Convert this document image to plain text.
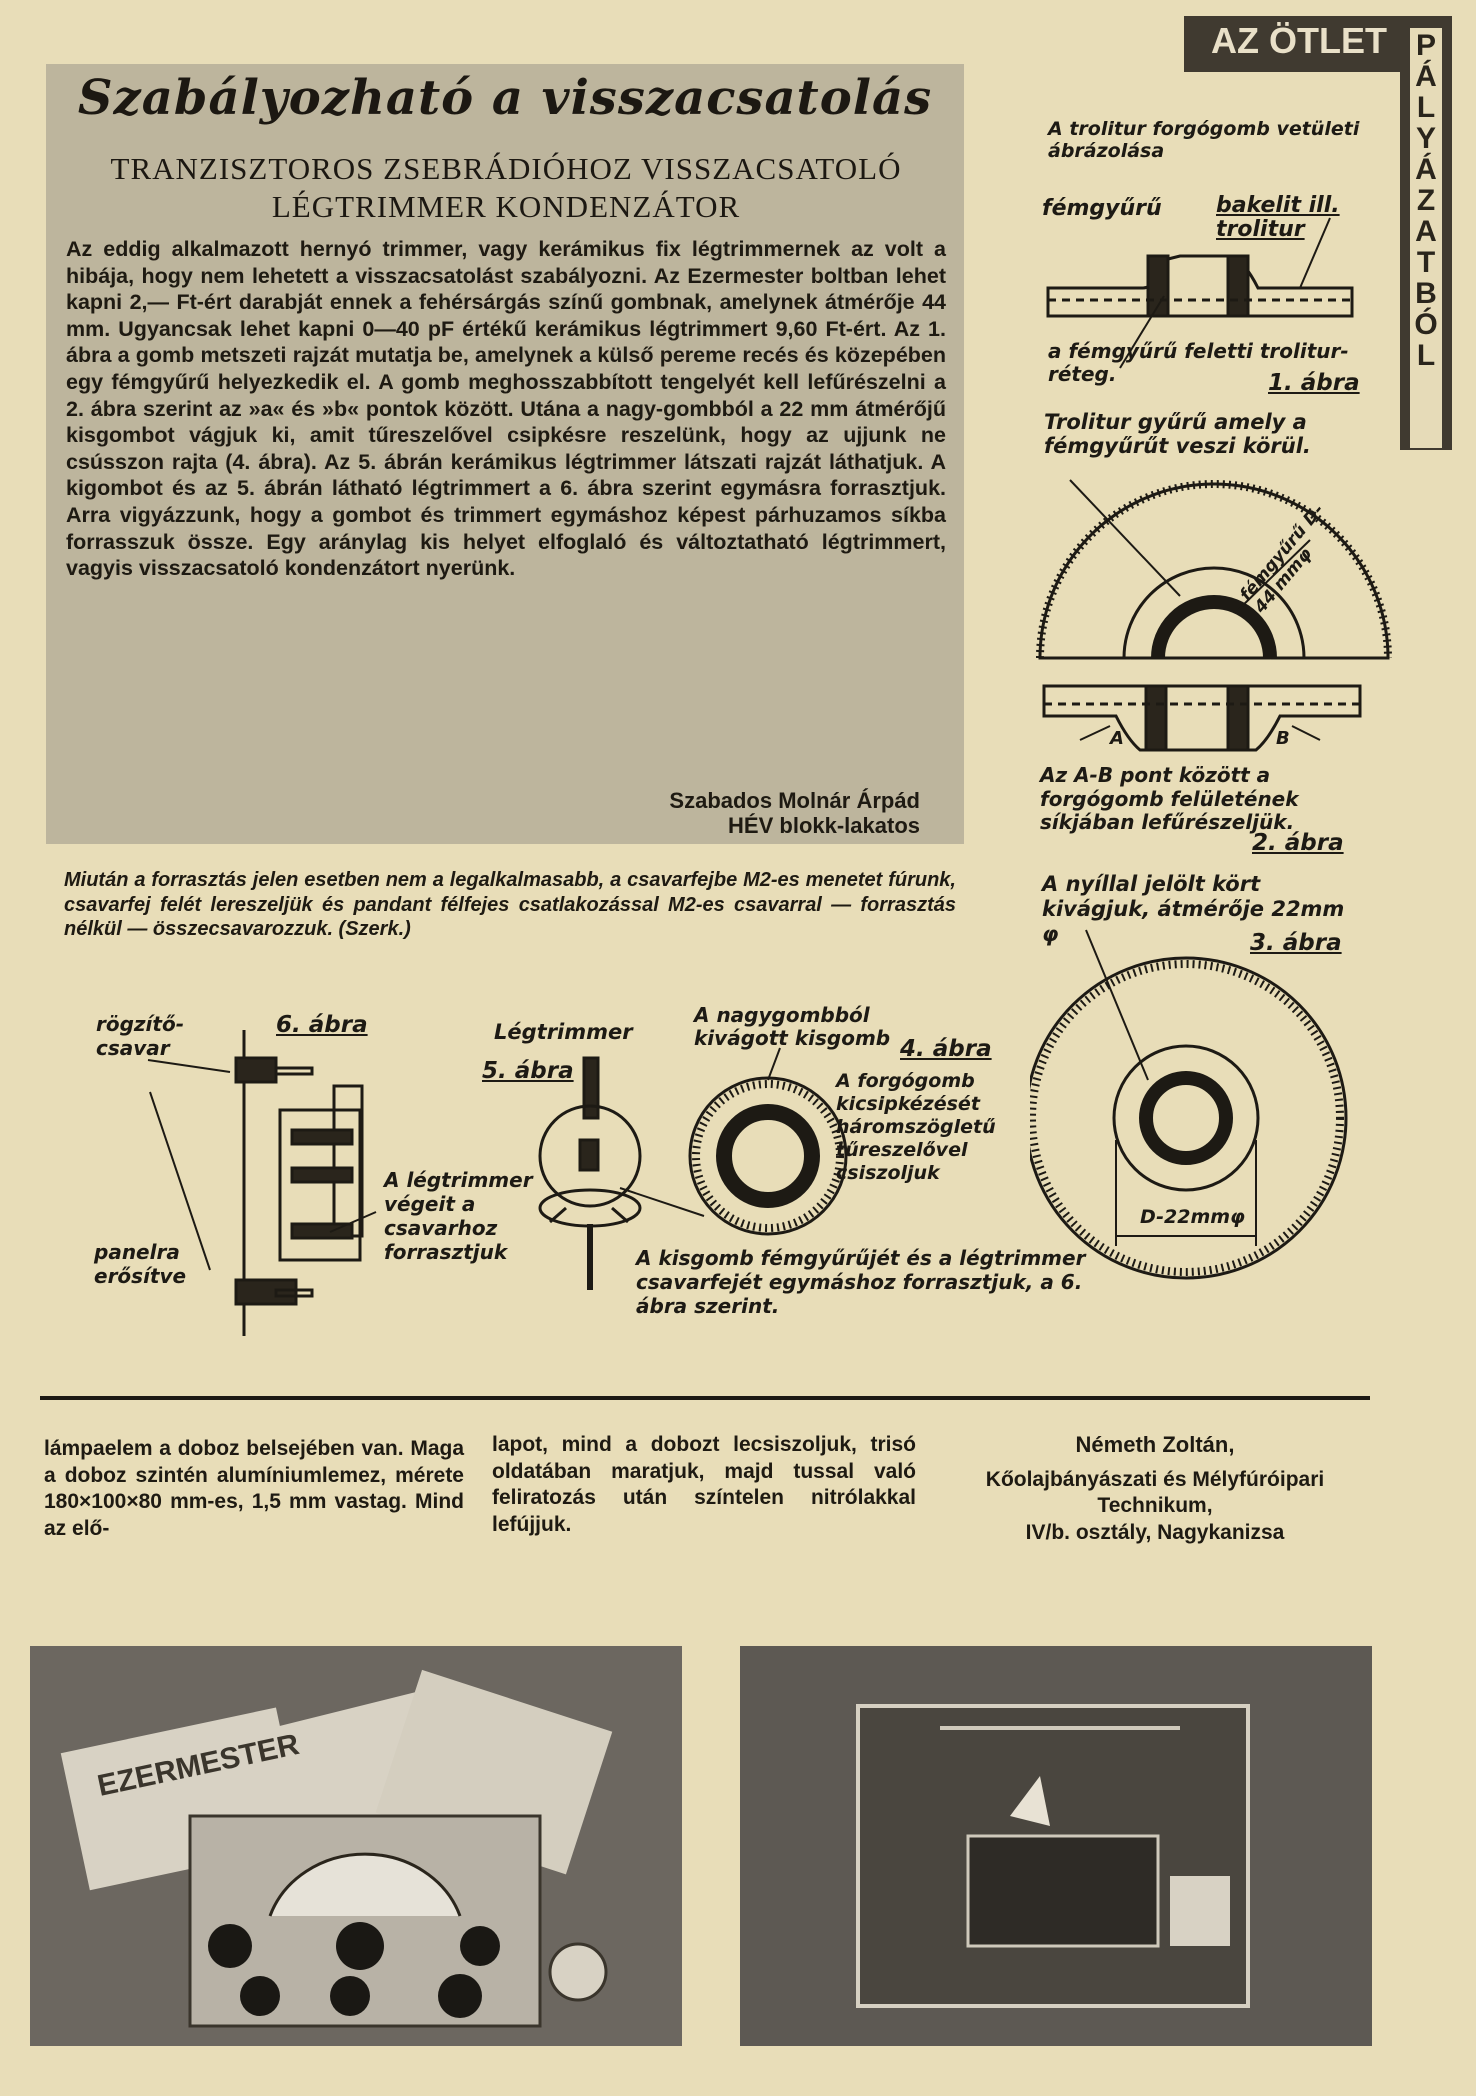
AZ ÖTLET P
Á
L
Y
Á
Z
A
T
B
Ó
L
Szabályozható a visszacsatolás
TRANZISZTOROS ZSEBRÁDIÓHOZ VISSZACSATOLÓ LÉGTRIMMER KONDENZÁTOR
Az eddig alkalmazott hernyó trimmer, vagy kerámikus fix légtrimmernek az volt a hibája, hogy nem lehetett a visszacsatolást szabályozni. Az Ezermester boltban lehet kapni 2,— Ft-ért darabját ennek a fehérsárgás színű gombnak, amelynek átmérője 44 mm. Ugyancsak lehet kapni 0—40 pF értékű kerámikus légtrimmert 9,60 Ft-ért. Az 1. ábra a gomb metszeti rajzát mutatja be, amelynek a külső pereme recés és közepében egy fémgyűrű helyezkedik el. A gomb meghosszabbított tengelyét kell lefűrészelni a 2. ábra szerint az »a« és »b« pontok között. Utána a nagy-gombból a 22 mm átmérőjű kisgombot vágjuk ki, amit tűreszelővel csipkésre reszelünk, hogy az ujjunk ne csússzon rajta (4. ábra). Az 5. ábrán kerámikus légtrimmer látszati rajzát láthatjuk. A kigombot és az 5. ábrán látható légtrimmert a 6. ábra szerint egymásra forrasztjuk. Arra vigyázzunk, hogy a gombot és trimmert egymáshoz képest párhuzamos síkba forrasszuk össze. Egy aránylag kis helyet elfoglaló és változtatható légtrimmert, vagyis visszacsatoló kondenzátort nyerünk.
Szabados Molnár Árpád
HÉV blokk-lakatos
Miután a forrasztás jelen esetben nem a legalkalmasabb, a csavarfejbe M2-es menetet fúrunk, csavarfej felét lereszeljük és pandant félfejes csatlakozással M2-es csavarral — forrasztás nélkül — összecsavarozzuk. (Szerk.)
A trolitur forgógomb vetületi ábrázolása
fémgyűrű bakelit ill. trolitur
a fémgyűrű feletti trolitur-réteg.	1. ábra
Trolitur gyűrű amely a fémgyűrűt veszi körül.
fémgyűrű D-44 mmφ
A	B
Az A-B pont között a forgógomb felületének síkjában lefűrészeljük.
2. ábra
A nyíllal jelölt kört kivágjuk, átmérője 22mm φ	3. ábra
D-22mmφ
rögzítő-csavar
6. ábra
panelra erősítve
Légtrimmer
5. ábra
A légtrimmer végeit a csavarhoz forrasztjuk
A nagygombból kivágott kisgomb 4. ábra
A forgógomb kicsipkézését háromszögletű tűreszelővel csiszoljuk
A kisgomb fémgyűrűjét és a légtrimmer csavarfejét egymáshoz forrasztjuk, a 6. ábra szerint.
lámpaelem a doboz belsejében van. Maga a doboz szintén alumíniumlemez, mérete 180×100×80 mm-es, 1,5 mm vastag. Mind az elő-
lapot, mind a dobozt lecsiszoljuk, trisó oldatában maratjuk, majd tussal való feliratozás után színtelen nitrólakkal lefújjuk.
Németh Zoltán,
Kőolajbányászati és Mélyfúróipari Technikum,
IV/b. osztály, Nagykanizsa
EZERMESTER
